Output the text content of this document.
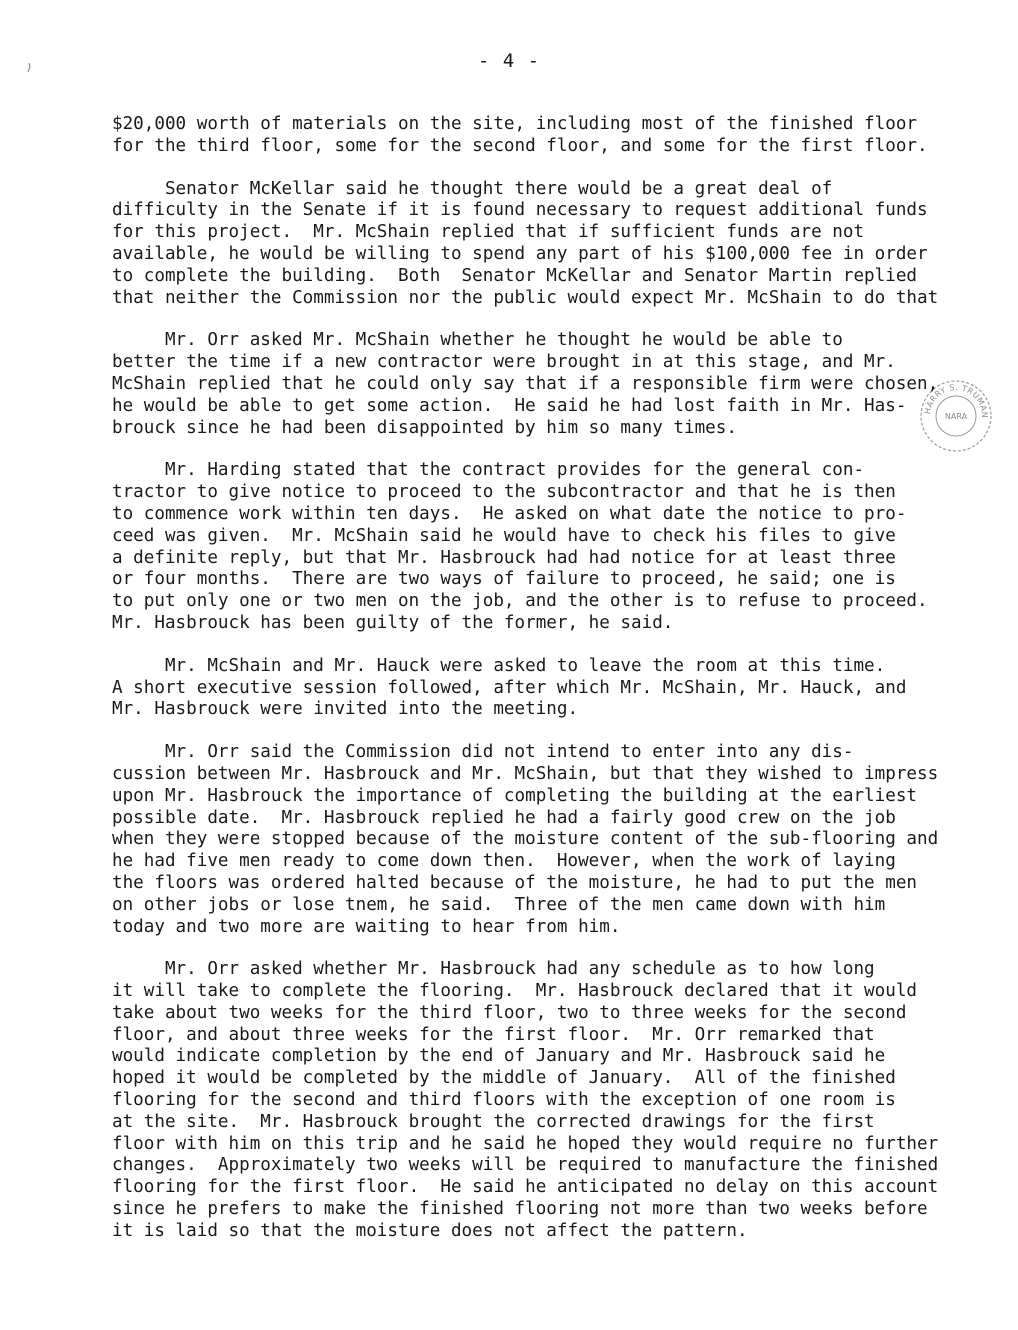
- 4 -
HARRY S. TRUMAN
NARA
$20,000 worth of materials on the site, including most of the finished floor
for the third floor, some for the second floor, and some for the first floor.
Senator McKellar said he thought there would be a great deal of
difficulty in the Senate if it is found necessary to request additional funds
for this project.  Mr. McShain replied that if sufficient funds are not
available, he would be willing to spend any part of his $100,000 fee in order
to complete the building.  Both  Senator McKellar and Senator Martin replied
that neither the Commission nor the public would expect Mr. McShain to do that
Mr. Orr asked Mr. McShain whether he thought he would be able to
better the time if a new contractor were brought in at this stage, and Mr.
McShain replied that he could only say that if a responsible firm were chosen,
he would be able to get some action.  He said he had lost faith in Mr. Has-
brouck since he had been disappointed by him so many times.
Mr. Harding stated that the contract provides for the general con-
tractor to give notice to proceed to the subcontractor and that he is then
to commence work within ten days.  He asked on what date the notice to pro-
ceed was given.  Mr. McShain said he would have to check his files to give
a definite reply, but that Mr. Hasbrouck had had notice for at least three
or four months.  There are two ways of failure to proceed, he said; one is
to put only one or two men on the job, and the other is to refuse to proceed.
Mr. Hasbrouck has been guilty of the former, he said.
Mr. McShain and Mr. Hauck were asked to leave the room at this time.
A short executive session followed, after which Mr. McShain, Mr. Hauck, and
Mr. Hasbrouck were invited into the meeting.
Mr. Orr said the Commission did not intend to enter into any dis-
cussion between Mr. Hasbrouck and Mr. McShain, but that they wished to impress
upon Mr. Hasbrouck the importance of completing the building at the earliest
possible date.  Mr. Hasbrouck replied he had a fairly good crew on the job
when they were stopped because of the moisture content of the sub-flooring and
he had five men ready to come down then.  However, when the work of laying
the floors was ordered halted because of the moisture, he had to put the men
on other jobs or lose tnem, he said.  Three of the men came down with him
today and two more are waiting to hear from him.
Mr. Orr asked whether Mr. Hasbrouck had any schedule as to how long
it will take to complete the flooring.  Mr. Hasbrouck declared that it would
take about two weeks for the third floor, two to three weeks for the second
floor, and about three weeks for the first floor.  Mr. Orr remarked that
would indicate completion by the end of January and Mr. Hasbrouck said he
hoped it would be completed by the middle of January.  All of the finished
flooring for the second and third floors with the exception of one room is
at the site.  Mr. Hasbrouck brought the corrected drawings for the first
floor with him on this trip and he said he hoped they would require no further
changes.  Approximately two weeks will be required to manufacture the finished
flooring for the first floor.  He said he anticipated no delay on this account
since he prefers to make the finished flooring not more than two weeks before
it is laid so that the moisture does not affect the pattern.
